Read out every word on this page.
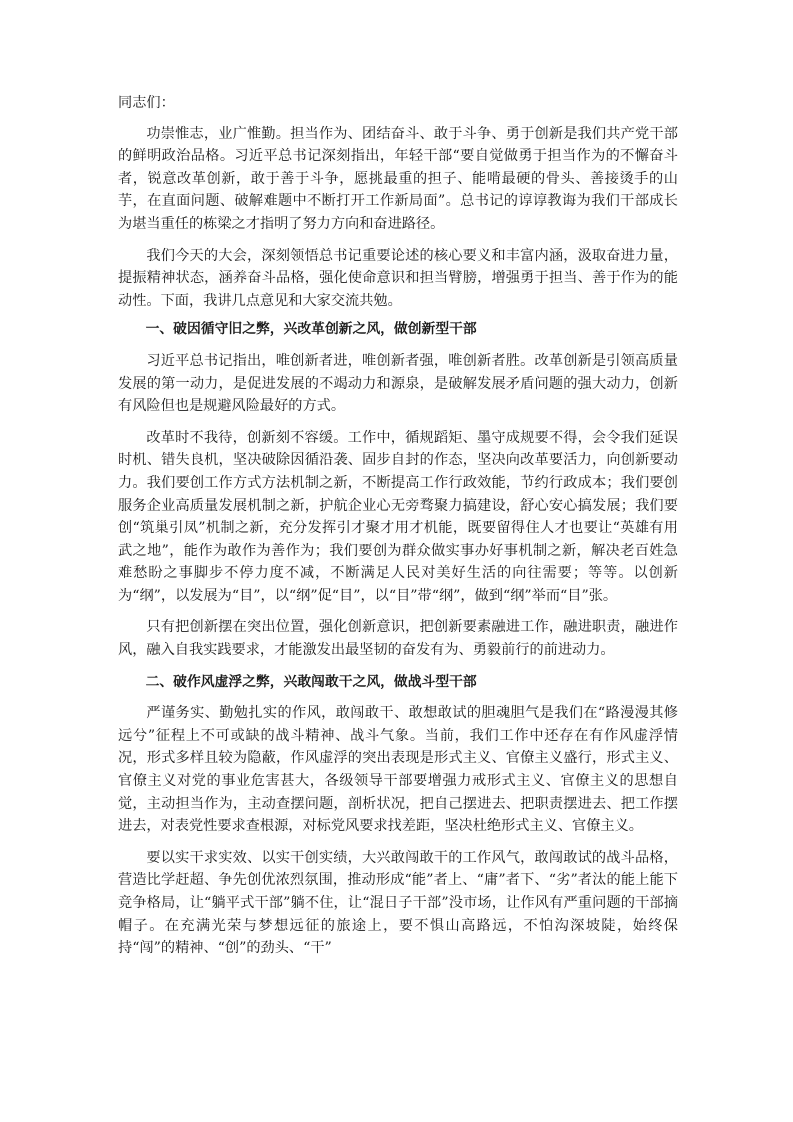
同志们：

功崇惟志，业广惟勤。担当作为、团结奋斗、敢于斗争、勇于创新是我们共产党干部的鲜明政治品格。习近平总书记深刻指出，年轻干部“要自觉做勇于担当作为的不懈奋斗者，锐意改革创新，敢于善于斗争，愿挑最重的担子、能啃最硬的骨头、善接烫手的山芋，在直面问题、破解难题中不断打开工作新局面”。总书记的谆谆教诲为我们干部成长为堪当重任的栋梁之才指明了努力方向和奋进路径。

我们今天的大会，深刻领悟总书记重要论述的核心要义和丰富内涵，汲取奋进力量，提振精神状态，涵养奋斗品格，强化使命意识和担当臂膀，增强勇于担当、善于作为的能动性。下面，我讲几点意见和大家交流共勉。

一、破因循守旧之弊，兴改革创新之风，做创新型干部

习近平总书记指出，唯创新者进，唯创新者强，唯创新者胜。改革创新是引领高质量发展的第一动力，是促进发展的不竭动力和源泉，是破解发展矛盾问题的强大动力，创新有风险但也是规避风险最好的方式。

改革时不我待，创新刻不容缓。工作中，循规蹈矩、墨守成规要不得，会令我们延误时机、错失良机，坚决破除因循沿袭、固步自封的作态，坚决向改革要活力，向创新要动力。我们要创工作方式方法机制之新，不断提高工作行政效能，节约行政成本；我们要创服务企业高质量发展机制之新，护航企业心无旁骛聚力搞建设，舒心安心搞发展；我们要创“筑巢引凤”机制之新，充分发挥引才聚才用才机能，既要留得住人才也要让“英雄有用武之地”，能作为敢作为善作为；我们要创为群众做实事办好事机制之新，解决老百姓急难愁盼之事脚步不停力度不减，不断满足人民对美好生活的向往需要；等等。以创新为“纲”，以发展为“目”，以“纲”促“目”，以“目”带“纲”，做到“纲”举而“目”张。

只有把创新摆在突出位置，强化创新意识，把创新要素融进工作，融进职责，融进作风，融入自我实践要求，才能激发出最坚韧的奋发有为、勇毅前行的前进动力。

二、破作风虚浮之弊，兴敢闯敢干之风，做战斗型干部

严谨务实、勤勉扎实的作风，敢闯敢干、敢想敢试的胆魂胆气是我们在“路漫漫其修远兮”征程上不可或缺的战斗精神、战斗气象。当前，我们工作中还存在有作风虚浮情况，形式多样且较为隐蔽，作风虚浮的突出表现是形式主义、官僚主义盛行，形式主义、官僚主义对党的事业危害甚大，各级领导干部要增强力戒形式主义、官僚主义的思想自觉，主动担当作为，主动查摆问题，剖析状况，把自己摆进去、把职责摆进去、把工作摆进去，对表党性要求查根源，对标党风要求找差距，坚决杜绝形式主义、官僚主义。

要以实干求实效、以实干创实绩，大兴敢闯敢干的工作风气，敢闯敢试的战斗品格，营造比学赶超、争先创优浓烈氛围，推动形成“能”者上、“庸”者下、“劣”者汰的能上能下竞争格局，让“躺平式干部”躺不住，让“混日子干部”没市场，让作风有严重问题的干部摘帽子。在充满光荣与梦想远征的旅途上，要不惧山高路远，不怕沟深坡陡，始终保持“闯”的精神、“创”的劲头、“干”
